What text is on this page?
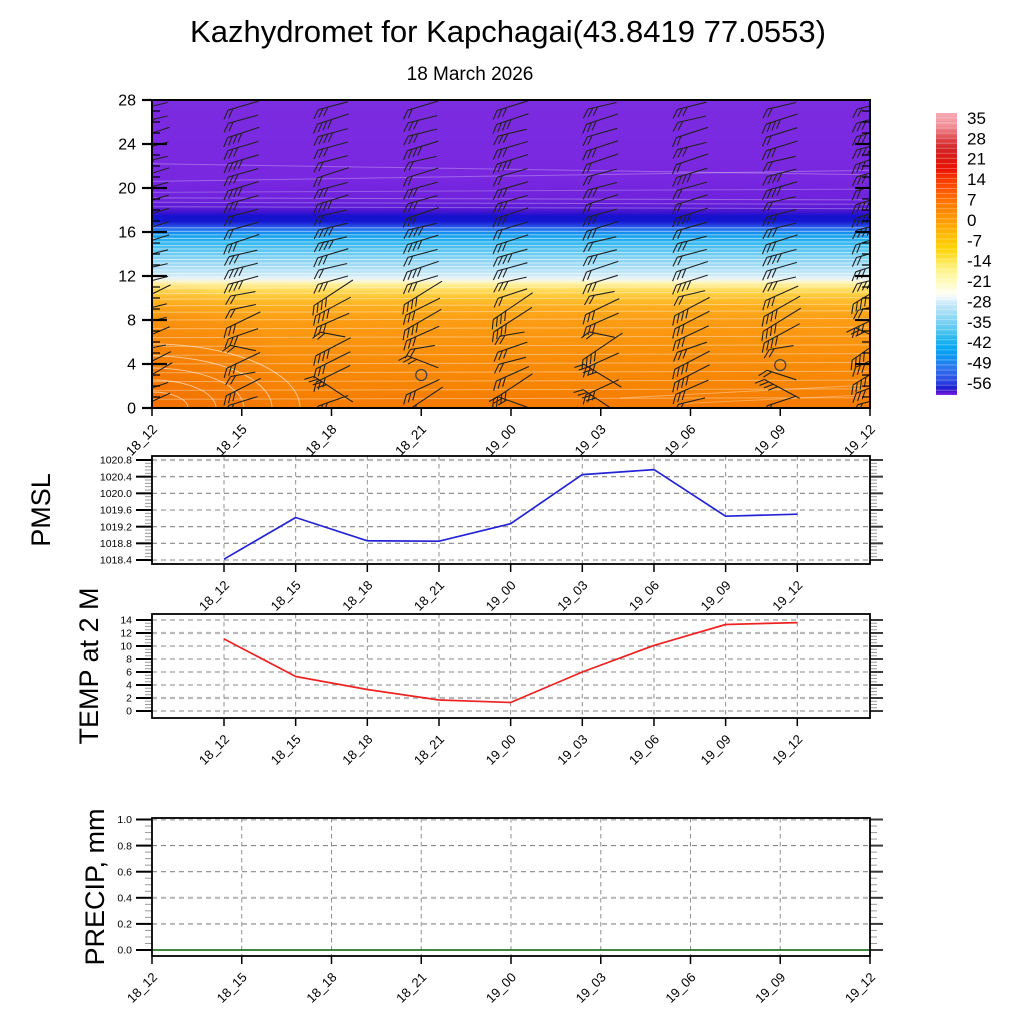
Kazhydromet for Kapchagai(43.8419 77.0553)
18 March 2026
PMSL
TEMP at 2 M
PRECIP, mm
0
4
8
12
16
20
24
28
18_12	18_15	18_18	18_21	19_00	19_03	19_06	19_09	19_12
35
28
21
14
7
0
-7
-14
-21
-28
-35
-42
-49
-56
1020.8
1020.4
1020.0
1019.6
1019.2
1018.8
1018.4
18_12	18_15	18_18	18_21	19_00	19_03	19_06	19_09	19_12
14
12
10
8
6
4
2
0
18_12	18_15	18_18	18_21	19_00	19_03	19_06	19_09	19_12
1.0
0.8
0.6
0.4
0.2
0.0
18_12	18_15	18_18	18_21	19_00	19_03	19_06	19_09	19_12
